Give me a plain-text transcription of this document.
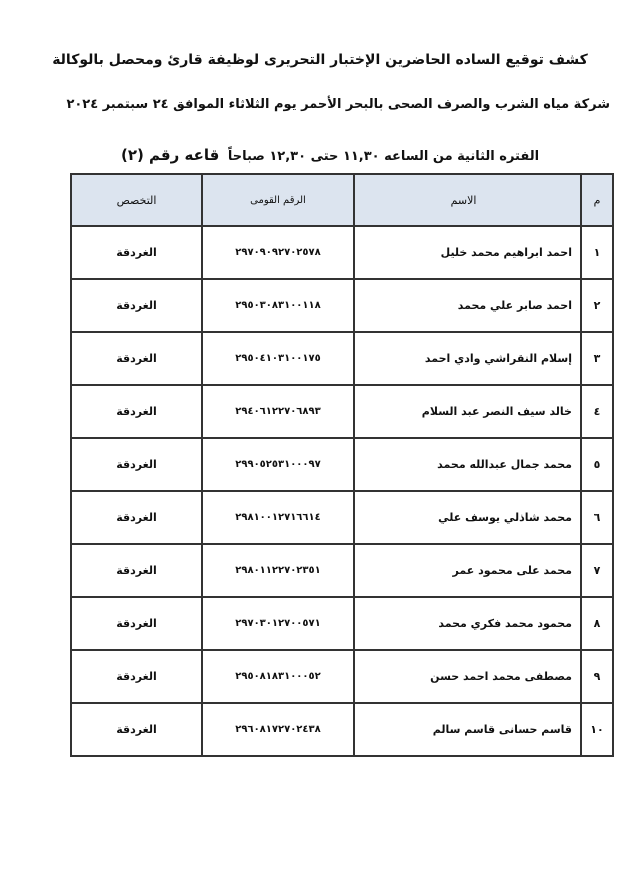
كشف توقيع الساده الحاضرين الإختبار التحريرى لوظيفة قارئ ومحصل بالوكالة
شركة مياه الشرب والصرف الصحى بالبحر الأحمر يوم الثلاثاء الموافق ٢٤ سبتمبر ٢٠٢٤
الفتره الثانية من الساعه ١١,٣٠ حتى ١٢,٣٠ صباحاً قاعه رقم (٢)
م	الاسم	الرقم القومى	التخصص
١	احمد ابراهيم محمد خليل	٢٩٧٠٩٠٩٢٧٠٢٥٧٨	الغردقة
٢	احمد صابر علي محمد	٢٩٥٠٣٠٨٣١٠٠١١٨	الغردقة
٣	إسلام النقراشي وادي احمد	٢٩٥٠٤١٠٣١٠٠١٧٥	الغردقة
٤	خالد سيف النصر عبد السلام	٢٩٤٠٦١٢٢٧٠٦٨٩٣	الغردقة
٥	محمد جمال عبدالله محمد	٢٩٩٠٥٢٥٣١٠٠٠٩٧	الغردقة
٦	محمد شاذلي يوسف علي	٢٩٨١٠٠١٢٧١٦٦١٤	الغردقة
٧	محمد على محمود عمر	٢٩٨٠١١٢٢٧٠٢٣٥١	الغردقة
٨	محمود محمد فكري محمد	٢٩٧٠٣٠١٢٧٠٠٥٧١	الغردقة
٩	مصطفى محمد احمد حسن	٢٩٥٠٨١٨٣١٠٠٠٥٢	الغردقة
١٠	قاسم حسانى قاسم سالم	٢٩٦٠٨١٧٢٧٠٢٤٣٨	الغردقة
